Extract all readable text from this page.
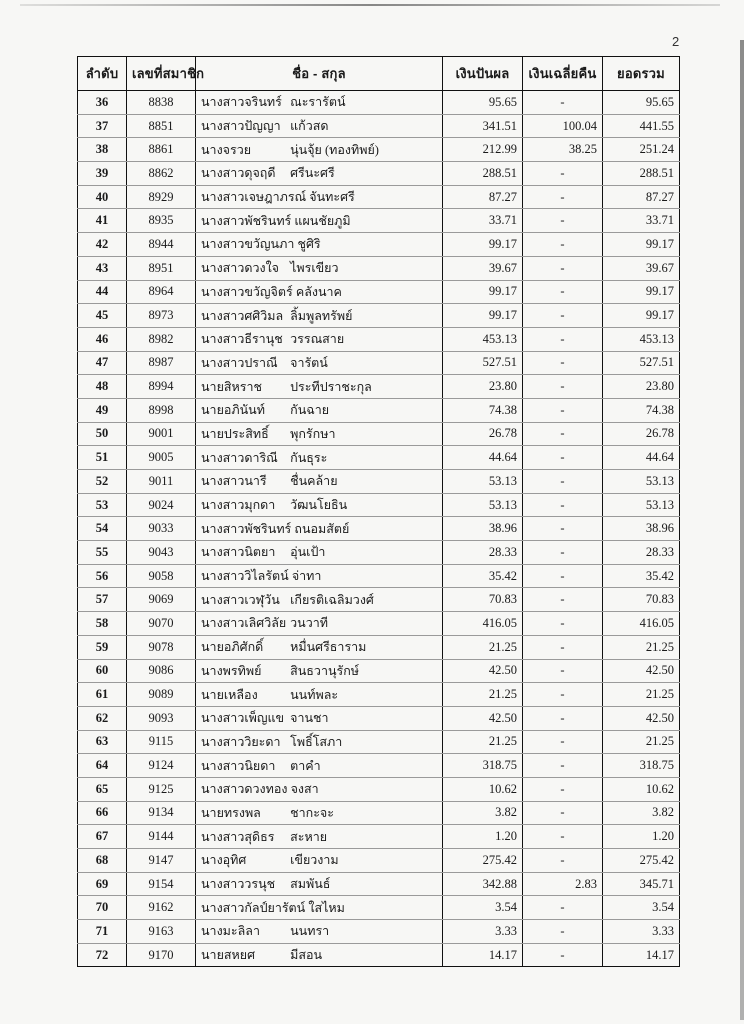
2
ลำดับ	เลขที่สมาชิก	ชื่อ - สกุล	เงินปันผล	เงินเฉลี่ยคืน	ยอดรวม
36	8838	นางสาวจรินทร์ ณะรารัตน์	95.65	-	95.65
37	8851	นางสาวปัญญา แก้วสด	341.51	100.04	441.55
38	8861	นางจรวย นุ่นจุ้ย (ทองทิพย์)	212.99	38.25	251.24
39	8862	นางสาวดุจฤดี ศรีนะศรี	288.51	-	288.51
40	8929	นางสาวเจษฎาภรณ์ จันทะศรี	87.27	-	87.27
41	8935	นางสาวพัชรินทร์ แผนชัยภูมิ	33.71	-	33.71
42	8944	นางสาวขวัญนภา ชูศิริ	99.17	-	99.17
43	8951	นางสาวดวงใจ ไพรเขียว	39.67	-	39.67
44	8964	นางสาวขวัญจิตร์ คลังนาค	99.17	-	99.17
45	8973	นางสาวศศิวิมล ลิ้มพูลทรัพย์	99.17	-	99.17
46	8982	นางสาวธีรานุช วรรณสาย	453.13	-	453.13
47	8987	นางสาวปราณี จารัตน์	527.51	-	527.51
48	8994	นายสิหราช ประทีปราชะกุล	23.80	-	23.80
49	8998	นายอภินันท์ กันฉาย	74.38	-	74.38
50	9001	นายประสิทธิ์ พุกรักษา	26.78	-	26.78
51	9005	นางสาวดาริณี กันธุระ	44.64	-	44.64
52	9011	นางสาวนารี ชื่นคล้าย	53.13	-	53.13
53	9024	นางสาวมุกดา วัฒนโยธิน	53.13	-	53.13
54	9033	นางสาวพัชรินทร์ ถนอมสัตย์	38.96	-	38.96
55	9043	นางสาวนิตยา อุ่นเป้า	28.33	-	28.33
56	9058	นางสาววิไลรัตน์ จ่าทา	35.42	-	35.42
57	9069	นางสาวเวฬุวัน เกียรติเฉลิมวงศ์	70.83	-	70.83
58	9070	นางสาวเลิศวิลัย วนวาที	416.05	-	416.05
59	9078	นายอภิศักดิ์ หมื่นศรีธาราม	21.25	-	21.25
60	9086	นางพรทิพย์ สินธวานุรักษ์	42.50	-	42.50
61	9089	นายเหลือง นนท์พละ	21.25	-	21.25
62	9093	นางสาวเพ็ญแข จานชา	42.50	-	42.50
63	9115	นางสาววิยะดา โพธิ์โสภา	21.25	-	21.25
64	9124	นางสาวนิยดา ตาคำ	318.75	-	318.75
65	9125	นางสาวดวงทอง จงสา	10.62	-	10.62
66	9134	นายทรงพล ชากะจะ	3.82	-	3.82
67	9144	นางสาวสุดิธร สะหาย	1.20	-	1.20
68	9147	นางอุทิศ เขียวงาม	275.42	-	275.42
69	9154	นางสาววรนุช สมพันธ์	342.88	2.83	345.71
70	9162	นางสาวกัลป์ยารัตน์ ใสไหม	3.54	-	3.54
71	9163	นางมะลิลา นนทรา	3.33	-	3.33
72	9170	นายสหยศ มีสอน	14.17	-	14.17
